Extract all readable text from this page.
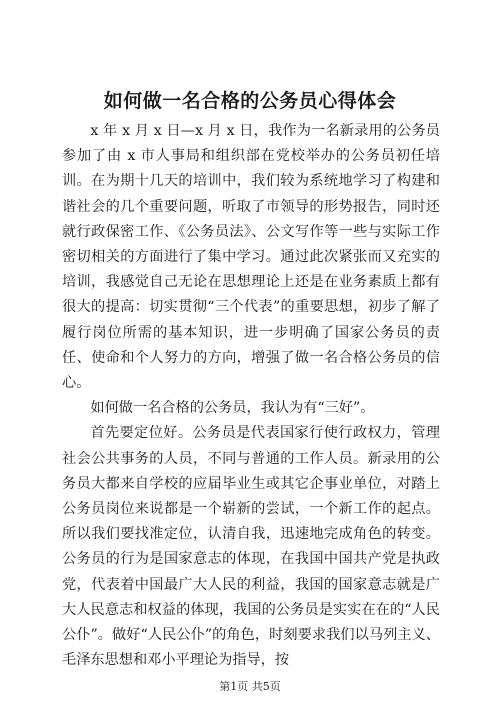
如何做一名合格的公务员心得体会

x 年 x 月 x 日—x 月 x 日，我作为一名新录用的公务员参加了由 x 市人事局和组织部在党校举办的公务员初任培训。在为期十几天的培训中，我们较为系统地学习了构建和谐社会的几个重要问题，听取了市领导的形势报告，同时还就行政保密工作、《公务员法》、公文写作等一些与实际工作密切相关的方面进行了集中学习。通过此次紧张而又充实的培训，我感觉自己无论在思想理论上还是在业务素质上都有很大的提高：切实贯彻“三个代表”的重要思想，初步了解了履行岗位所需的基本知识，进一步明确了国家公务员的责任、使命和个人努力的方向，增强了做一名合格公务员的信心。

如何做一名合格的公务员，我认为有“三好”。

首先要定位好。公务员是代表国家行使行政权力，管理社会公共事务的人员，不同与普通的工作人员。新录用的公务员大都来自学校的应届毕业生或其它企事业单位，对踏上公务员岗位来说都是一个崭新的尝试，一个新工作的起点。所以我们要找准定位，认清自我，迅速地完成角色的转变。公务员的行为是国家意志的体现，在我国中国共产党是执政党，代表着中国最广大人民的利益，我国的国家意志就是广大人民意志和权益的体现，我国的公务员是实实在在的“人民公仆”。做好“人民公仆”的角色，时刻要求我们以马列主义、毛泽东思想和邓小平理论为指导，按

第1页 共5页
